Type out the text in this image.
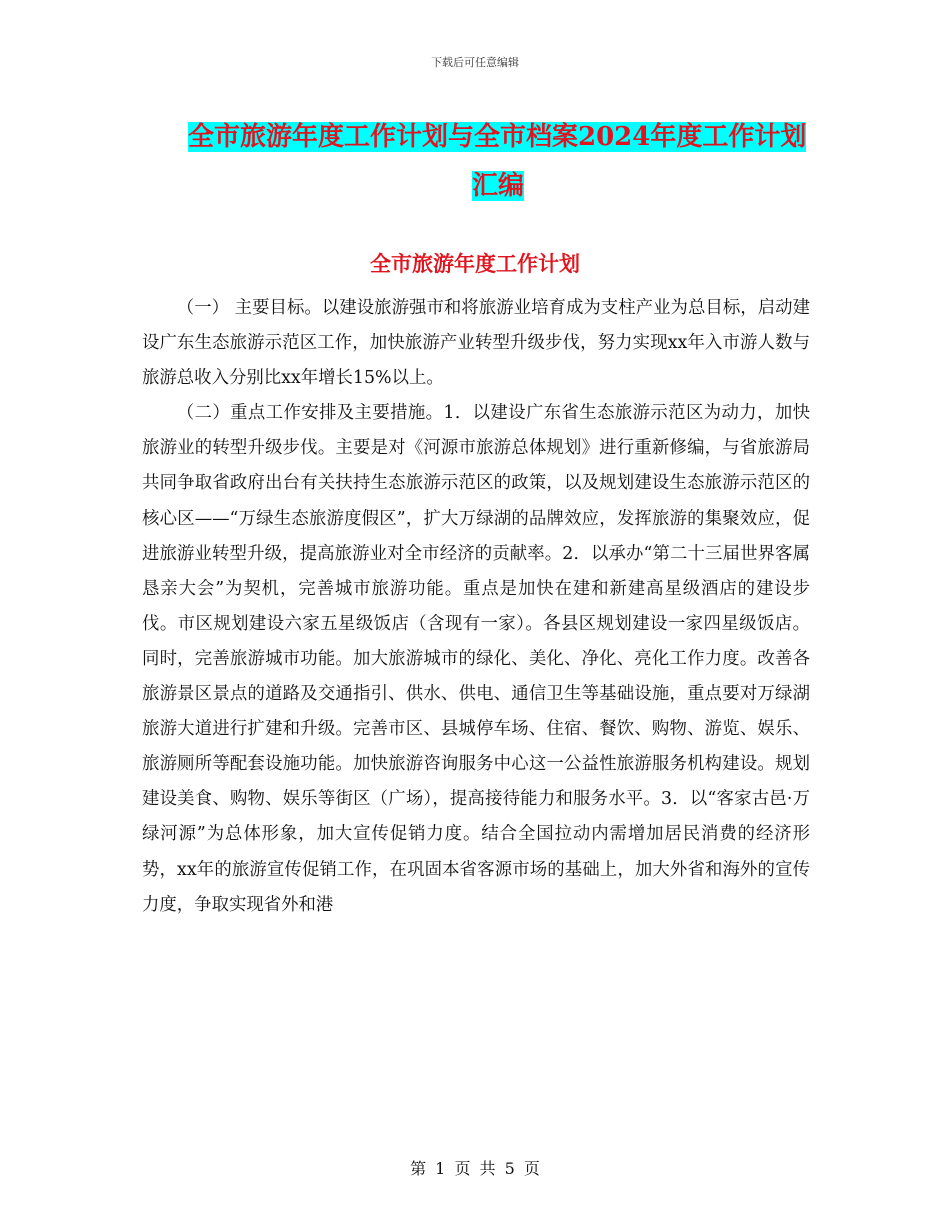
下载后可任意编辑
全市旅游年度工作计划与全市档案2024年度工作计划
汇编
全市旅游年度工作计划

（一） 主要目标。以建设旅游强市和将旅游业培育成为支柱产业为总目标，启动建设广东生态旅游示范区工作，加快旅游产业转型升级步伐，努力实现xx年入市游人数与旅游总收入分别比xx年增长15%以上。

（二）重点工作安排及主要措施。1．以建设广东省生态旅游示范区为动力，加快旅游业的转型升级步伐。主要是对《河源市旅游总体规划》进行重新修编，与省旅游局共同争取省政府出台有关扶持生态旅游示范区的政策，以及规划建设生态旅游示范区的核心区——“万绿生态旅游度假区”，扩大万绿湖的品牌效应，发挥旅游的集聚效应，促进旅游业转型升级，提高旅游业对全市经济的贡献率。2．以承办“第二十三届世界客属恳亲大会”为契机，完善城市旅游功能。重点是加快在建和新建高星级酒店的建设步伐。市区规划建设六家五星级饭店（含现有一家）。各县区规划建设一家四星级饭店。同时，完善旅游城市功能。加大旅游城市的绿化、美化、净化、亮化工作力度。改善各旅游景区景点的道路及交通指引、供水、供电、通信卫生等基础设施，重点要对万绿湖旅游大道进行扩建和升级。完善市区、县城停车场、住宿、餐饮、购物、游览、娱乐、旅游厕所等配套设施功能。加快旅游咨询服务中心这一公益性旅游服务机构建设。规划建设美食、购物、娱乐等街区（广场），提高接待能力和服务水平。3．以“客家古邑·万绿河源”为总体形象，加大宣传促销力度。结合全国拉动内需增加居民消费的经济形势，xx年的旅游宣传促销工作，在巩固本省客源市场的基础上，加大外省和海外的宣传力度，争取实现省外和港

第 1 页 共 5 页
